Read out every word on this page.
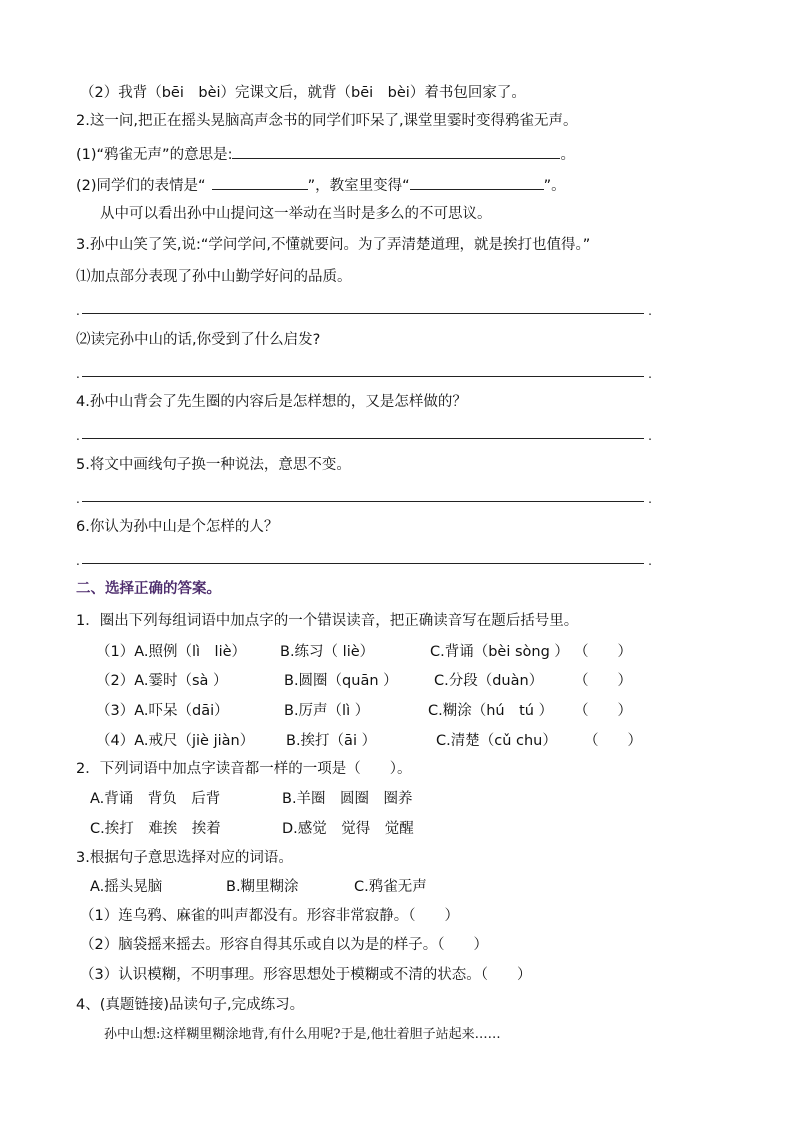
（2）我背（bēi　bèi）完课文后，就背（bēi　bèi）着书包回家了。
2.这一问,把正在摇头晃脑高声念书的同学们吓呆了,课堂里霎时变得鸦雀无声。
(1)“鸦雀无声”的意思是:	。
(2)同学们的表情是“	”，教室里变得“	”。
从中可以看出孙中山提问这一举动在当时是多么的不可思议。
3.孙中山笑了笑,说:“学问学问,不懂就要问。为了弄清楚道理，就是挨打也值得。”
⑴加点部分表现了孙中山勤学好问的品质。
.	.
⑵读完孙中山的话,你受到了什么启发?
.	.
4.孙中山背会了先生圈的内容后是怎样想的，又是怎样做的？
.	.
5.将文中画线句子换一种说法，意思不变。
.	.
6.你认为孙中山是个怎样的人？
.	.
二、选择正确的答案。
1．圈出下列每组词语中加点字的一个错误读音，把正确读音写在题后括号里。
（1）A.照例（lì　liè） B.练习（ liè）	C.背诵（bèi sòng ） （　　）
（2）A.霎时（sà ）	B.圆圈（quān ）	C.分段（duàn） （　　）
（3）A.吓呆（dāi）	B.厉声（lì ）	C.糊涂（hú　tú ） （　　）
（4）A.戒尺（jiè jiàn） B.挨打（āi ）	C.清楚（cǔ chu） （　　）
2．下列词语中加点字读音都一样的一项是（　　）。
A.背诵　背负　后背	B.羊圈　圆圈　圈养
C.挨打　难挨　挨着	D.感觉　觉得　觉醒
3.根据句子意思选择对应的词语。
A.摇头晃脑	B.糊里糊涂	C.鸦雀无声
（1）连乌鸦、麻雀的叫声都没有。形容非常寂静。（　　）
（2）脑袋摇来摇去。形容自得其乐或自以为是的样子。（　　）
（3）认识模糊，不明事理。形容思想处于模糊或不清的状态。（　　）
4、(真题链接)品读句子,完成练习。
孙中山想:这样糊里糊涂地背,有什么用呢?于是,他壮着胆子站起来……
